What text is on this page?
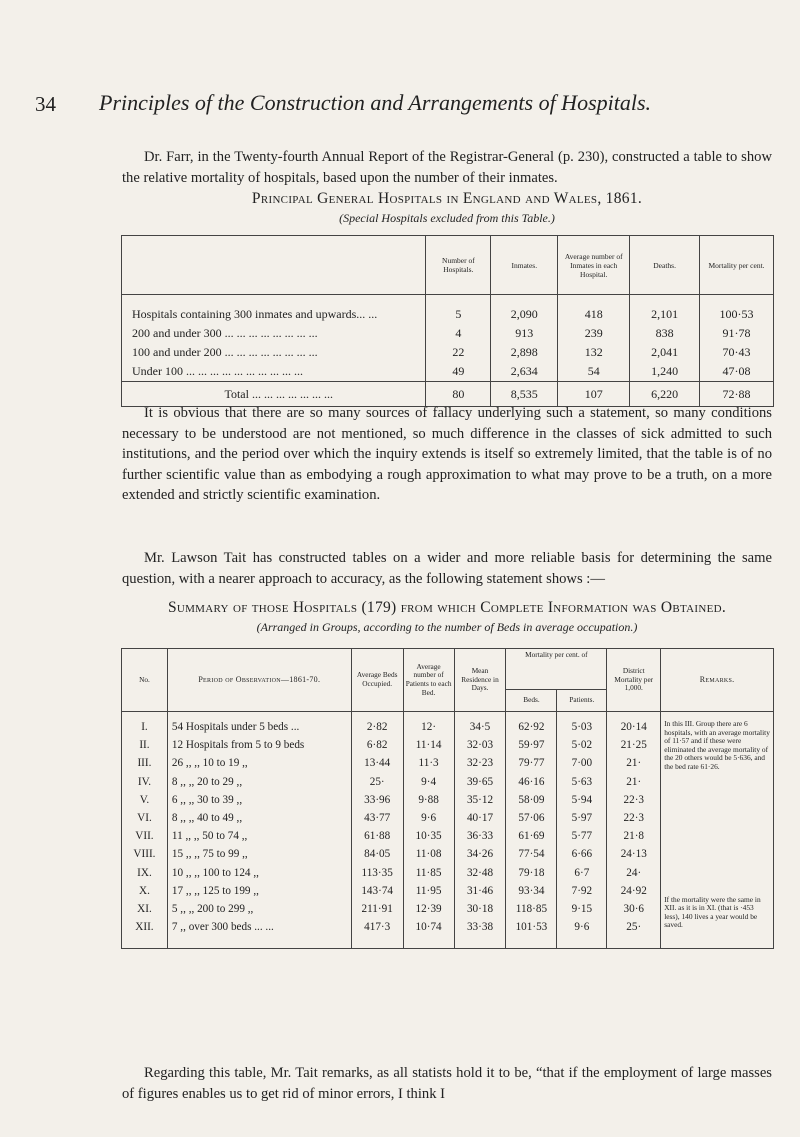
34 Principles of the Construction and Arrangements of Hospitals.

Dr. Farr, in the Twenty-fourth Annual Report of the Registrar-General (p. 230), constructed a table to show the relative mortality of hospitals, based upon the number of their inmates.

Principal General Hospitals in England and Wales, 1861.
(Special Hospitals excluded from this Table.)
	Number of Hospitals.	Inmates.	Average number of Inmates in each Hospital.	Deaths.	Mortality per cent.
Hospitals containing 300 inmates and upwards... ...	5	2,090	418	2,101	100·53
200 and under 300 ... ... ... ... ... ... ... ...	4	913	239	838	91·78
100 and under 200 ... ... ... ... ... ... ... ...	22	2,898	132	2,041	70·43
Under 100 ... ... ... ... ... ... ... ... ... ...	49	2,634	54	1,240	47·08
Total ... ... ... ... ... ... ...	80	8,535	107	6,220	72·88

It is obvious that there are so many sources of fallacy underlying such a statement, so many conditions necessary to be understood are not mentioned, so much difference in the classes of sick admitted to such institutions, and the period over which the inquiry extends is itself so extremely limited, that the table is of no further scientific value than as embodying a rough approximation to what may prove to be a truth, on a more extended and strictly scientific examination.

Mr. Lawson Tait has constructed tables on a wider and more reliable basis for determining the same question, with a nearer approach to accuracy, as the following statement shows :—

Summary of those Hospitals (179) from which Complete Information was Obtained.
(Arranged in Groups, according to the number of Beds in average occupation.)
No.	Period of Observation—1861-70.	Average Beds Occupied.	Average number of Patients to each Bed.	Mean Residence in Days.	Mortality per cent. of		District Mortality per 1,000.	Remarks.
					Beds.	Patients.		
I.	54 Hospitals under 5 beds ...	2·82	12·	34·5	62·92	5·03	20·14	In this III. Group there are 6 hospitals, with an average mortality of 11·57 and if these were eliminated the average mortality of the 20 others would be 5·636, and the bed rate 61·26.
II.	12 Hospitals from 5 to 9 beds	6·82	11·14	32·03	59·97	5·02	21·25	
III.	26 ,, ,, 10 to 19 ,,	13·44	11·3	32·23	79·77	7·00	21·	
IV.	8 ,, ,, 20 to 29 ,,	25·	9·4	39·65	46·16	5·63	21·	
V.	6 ,, ,, 30 to 39 ,,	33·96	9·88	35·12	58·09	5·94	22·3	
VI.	8 ,, ,, 40 to 49 ,,	43·77	9·6	40·17	57·06	5·97	22·3	
VII.	11 ,, ,, 50 to 74 ,,	61·88	10·35	36·33	61·69	5·77	21·8	
VIII.	15 ,, ,, 75 to 99 ,,	84·05	11·08	34·26	77·54	6·66	24·13	
IX.	10 ,, ,, 100 to 124 ,,	113·35	11·85	32·48	79·18	6·7	24·	
X.	17 ,, ,, 125 to 199 ,,	143·74	11·95	31·46	93·34	7·92	24·92	If the mortality were the same in XII. as it is in XI. (that is ·453 less), 140 lives a year would be saved.
XI.	5 ,, ,, 200 to 299 ,,	211·91	12·39	30·18	118·85	9·15	30·6	
XII.	7 ,, over 300 beds ... ...	417·3	10·74	33·38	101·53	9·6	25·	

Regarding this table, Mr. Tait remarks, as all statists hold it to be, “that if the employment of large masses of figures enables us to get rid of minor errors, I think I
